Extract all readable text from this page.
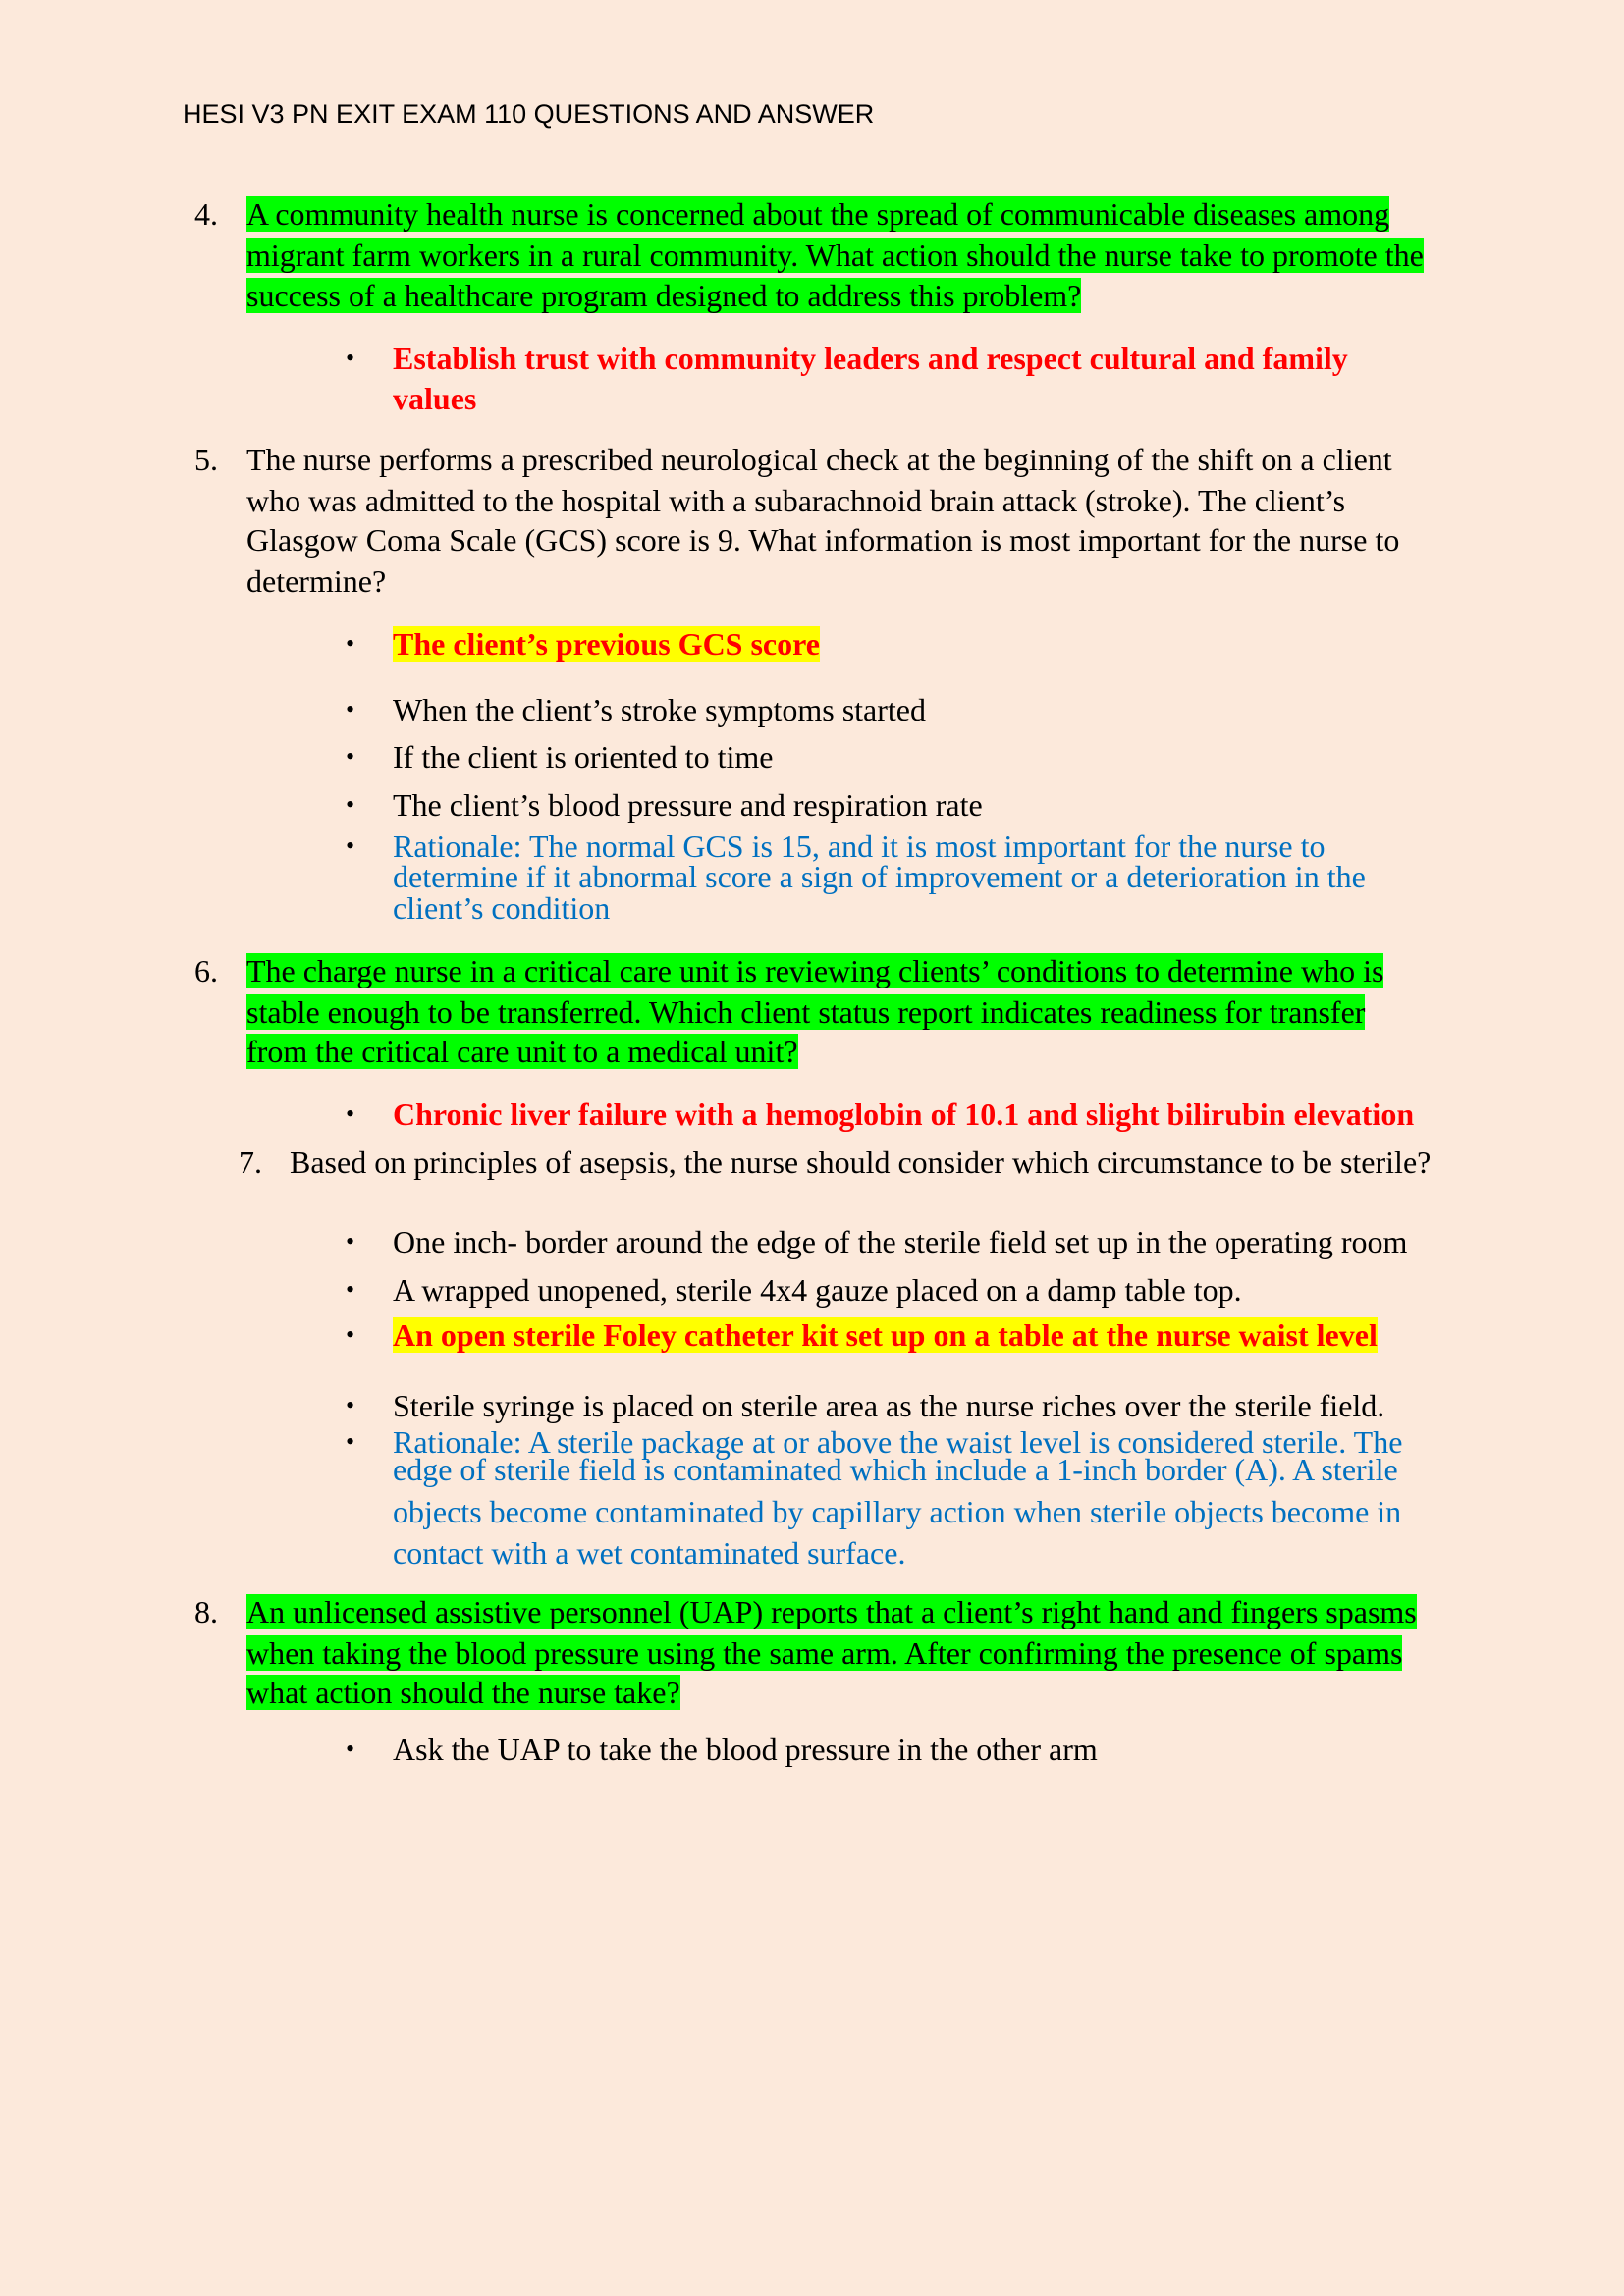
HESI V3 PN EXIT EXAM 110 QUESTIONS AND ANSWER
4. A community health nurse is concerned about the spread of communicable diseases among
migrant farm workers in a rural community. What action should the nurse take to promote the
success of a healthcare program designed to address this problem?
• Establish trust with community leaders and respect cultural and family
values
5. The nurse performs a prescribed neurological check at the beginning of the shift on a client
who was admitted to the hospital with a subarachnoid brain attack (stroke). The client’s
Glasgow Coma Scale (GCS) score is 9. What information is most important for the nurse to
determine?
• The client’s previous GCS score
• When the client’s stroke symptoms started
• If the client is oriented to time
• The client’s blood pressure and respiration rate
• Rationale: The normal GCS is 15, and it is most important for the nurse to
determine if it abnormal score a sign of improvement or a deterioration in the
client’s condition
6. The charge nurse in a critical care unit is reviewing clients’ conditions to determine who is
stable enough to be transferred. Which client status report indicates readiness for transfer
from the critical care unit to a medical unit?
• Chronic liver failure with a hemoglobin of 10.1 and slight bilirubin elevation
7. Based on principles of asepsis, the nurse should consider which circumstance to be sterile?
• One inch- border around the edge of the sterile field set up in the operating room
• A wrapped unopened, sterile 4x4 gauze placed on a damp table top.
• An open sterile Foley catheter kit set up on a table at the nurse waist level
• Sterile syringe is placed on sterile area as the nurse riches over the sterile field.
• Rationale: A sterile package at or above the waist level is considered sterile. The
edge of sterile field is contaminated which include a 1-inch border (A). A sterile
objects become contaminated by capillary action when sterile objects become in
contact with a wet contaminated surface.
8. An unlicensed assistive personnel (UAP) reports that a client’s right hand and fingers spasms
when taking the blood pressure using the same arm. After confirming the presence of spams
what action should the nurse take?
• Ask the UAP to take the blood pressure in the other arm
